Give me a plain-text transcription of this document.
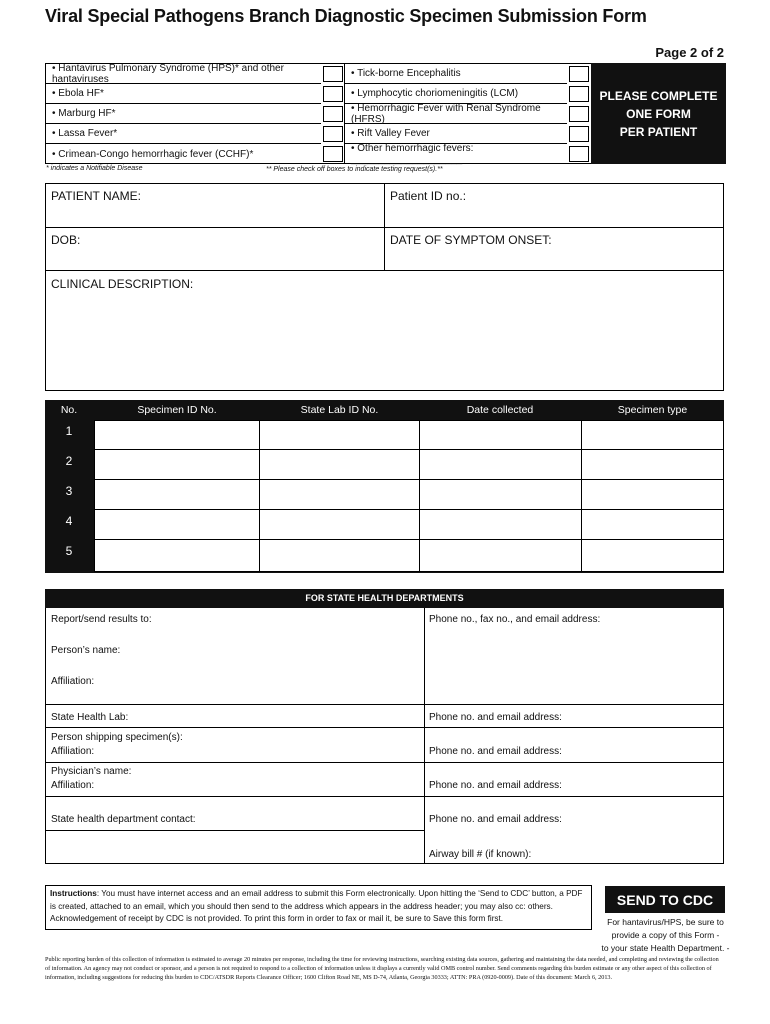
Viral Special Pathogens Branch Diagnostic Specimen Submission Form
Page 2 of 2
• Hantavirus Pulmonary Syndrome (HPS)* and other hantaviruses
• Ebola HF*
• Marburg HF*
• Lassa Fever*
• Crimean-Congo hemorrhagic fever (CCHF)*
• Tick-borne Encephalitis
• Lymphocytic choriomeningitis (LCM)
• Hemorrhagic Fever with Renal Syndrome (HFRS)
• Rift Valley Fever
• Other hemorrhagic fevers: ____________________
PLEASE COMPLETE
ONE FORM
PER PATIENT
* indicates a Notifiable Disease	** Please check off boxes to indicate testing request(s).**
PATIENT NAME:	Patient ID no.:
DOB:	DATE OF SYMPTOM ONSET:
CLINICAL DESCRIPTION:
No.	Specimen ID No.	State Lab ID No.	Date collected	Specimen type
1
2
3
4
5
FOR STATE HEALTH DEPARTMENTS
Report/send results to:	Phone no., fax no., and email address:
Person’s name:
Affiliation:
State Health Lab:	Phone no. and email address:
Person shipping specimen(s):
Affiliation:	Phone no. and email address:
Physician’s name:
Affiliation:	Phone no. and email address:
State health department contact:	Phone no. and email address:
Airway bill # (if known):
Instructions: You must have internet access and an email address to submit this Form electronically. Upon hitting the ‘Send to CDC’ button, a PDF is created, attached to an email, which you should then send to the address which appears in the address header; you may also cc: others. Acknowledgement of receipt by CDC is not provided. To print this form in order to fax or mail it, be sure to Save this form first.
SEND TO CDC
For hantavirus/HPS, be sure to
provide a copy of this Form -
to your state Health Department. -
Public reporting burden of this collection of information is estimated to average 20 minutes per response, including the time for reviewing instructions, searching existing data sources, gathering and maintaining the data needed, and completing and reviewing the collection of information. An agency may not conduct or sponsor, and a person is not required to respond to a collection of information unless it displays a currently valid OMB control number. Send comments regarding this burden estimate or any other aspect of this collection of information, including suggestions for reducing this burden to CDC/ATSDR Reports Clearance Officer; 1600 Clifton Road NE, MS D-74, Atlanta, Georgia 30333; ATTN: PRA (0920-0009). Date of this document: March 6, 2013.
